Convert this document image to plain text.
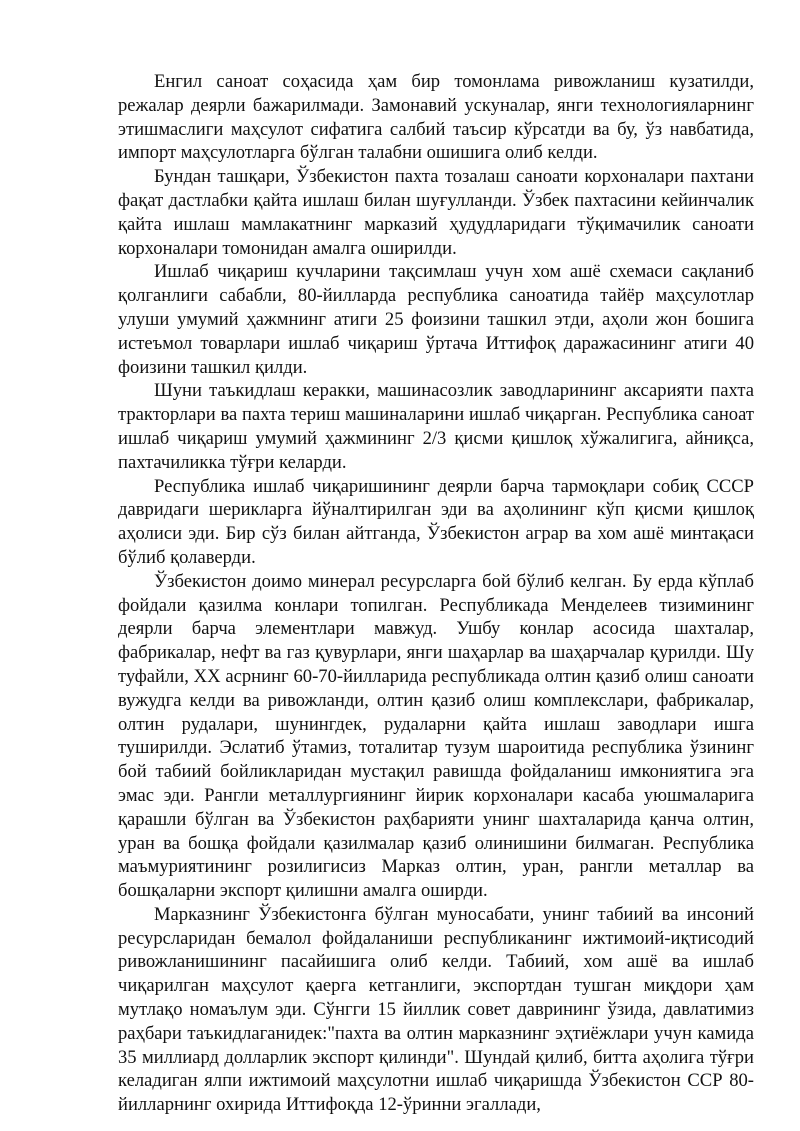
Енгил саноат соҳасида ҳам бир томонлама ривожланиш кузатилди, режалар деярли бажарилмади. Замонавий ускуналар, янги технологияларнинг этишмаслиги маҳсулот сифатига салбий таъсир кўрсатди ва бу, ўз навбатида, импорт маҳсулотларга бўлган талабни ошишига олиб келди.

Бундан ташқари, Ўзбекистон пахта тозалаш саноати корхоналари пахтани фақат дастлабки қайта ишлаш билан шуғулланди. Ўзбек пахтасини кейинчалик қайта ишлаш мамлакатнинг марказий ҳудудларидаги тўқимачилик саноати корхоналари томонидан амалга оширилди.

Ишлаб чиқариш кучларини тақсимлаш учун хом ашё схемаси сақланиб қолганлиги сабабли, 80-йилларда республика саноатида тайёр маҳсулотлар улуши умумий ҳажмнинг атиги 25 фоизини ташкил этди, аҳоли жон бошига истеъмол товарлари ишлаб чиқариш ўртача Иттифоқ даражасининг атиги 40 фоизини ташкил қилди.

Шуни таъкидлаш керакки, машинасозлик заводларининг аксарияти пахта тракторлари ва пахта териш машиналарини ишлаб чиқарган. Республика саноат ишлаб чиқариш умумий ҳажмининг 2/3 қисми қишлоқ хўжалигига, айниқса, пахтачиликка тўғри келарди.

Республика ишлаб чиқаришининг деярли барча тармоқлари собиқ СССР давридаги шерикларга йўналтирилган эди ва аҳолининг кўп қисми қишлоқ аҳолиси эди. Бир сўз билан айтганда, Ўзбекистон аграр ва хом ашё минтақаси бўлиб қолаверди.

Ўзбекистон доимо минерал ресурсларга бой бўлиб келган. Бу ерда кўплаб фойдали қазилма конлари топилган. Республикада Менделеев тизимининг деярли барча элементлари мавжуд. Ушбу конлар асосида шахталар, фабрикалар, нефт ва газ қувурлари, янги шаҳарлар ва шаҳарчалар қурилди. Шу туфайли, XX асрнинг 60-70-йилларида республикада олтин қазиб олиш саноати вужудга келди ва ривожланди, олтин қазиб олиш комплекслари, фабрикалар, олтин рудалари, шунингдек, рудаларни қайта ишлаш заводлари ишга туширилди. Эслатиб ўтамиз, тоталитар тузум шароитида республика ўзининг бой табиий бойликларидан мустақил равишда фойдаланиш имкониятига эга эмас эди. Рангли металлургиянинг йирик корхоналари касаба уюшмаларига қарашли бўлган ва Ўзбекистон раҳбарияти унинг шахталарида қанча олтин, уран ва бошқа фойдали қазилмалар қазиб олинишини билмаган. Республика маъмуриятининг розилигисиз Марказ олтин, уран, рангли металлар ва бошқаларни экспорт қилишни амалга оширди.

Марказнинг Ўзбекистонга бўлган муносабати, унинг табиий ва инсоний ресурсларидан бемалол фойдаланиши республиканинг ижтимоий-иқтисодий ривожланишининг пасайишига олиб келди. Табиий, хом ашё ва ишлаб чиқарилган маҳсулот қаерга кетганлиги, экспортдан тушган миқдори ҳам мутлақо номаълум эди. Сўнгги 15 йиллик совет даврининг ўзида, давлатимиз раҳбари таъкидлаганидек:"пахта ва олтин марказнинг эҳтиёжлари учун камида 35 миллиард долларлик экспорт қилинди". Шундай қилиб, битта аҳолига тўғри келадиган ялпи ижтимоий маҳсулотни ишлаб чиқаришда Ўзбекистон ССР 80-йилларнинг охирида Иттифоқда 12-ўринни эгаллади,
